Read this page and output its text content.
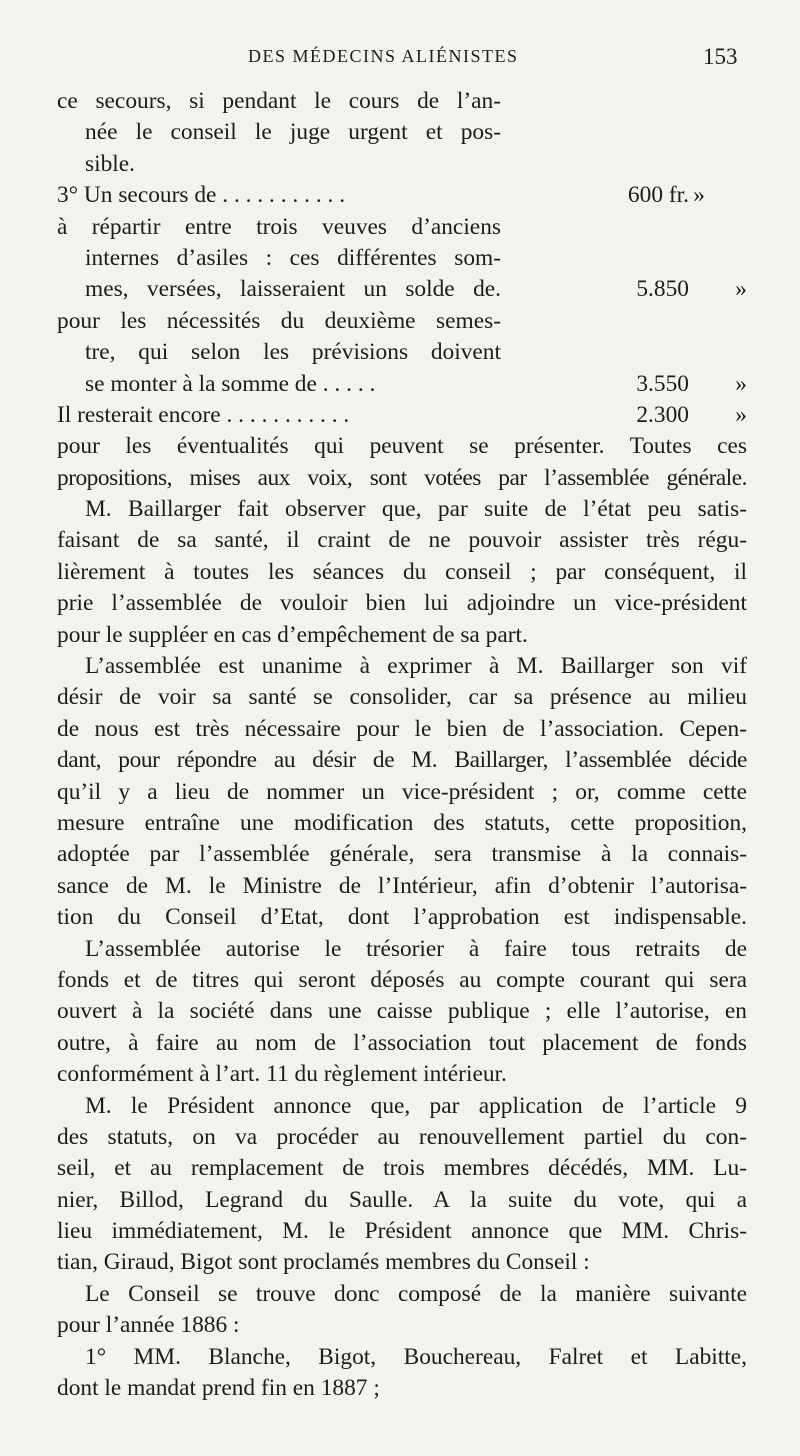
DES MÉDECINS ALIÉNISTES	153
ce secours, si pendant le cours de l’an-
née le conseil le juge urgent et pos-
sible.
3° Un secours de . . . . . . . . . . .	600 fr. »
à répartir entre trois veuves d’anciens
internes d’asiles : ces différentes som-
mes, versées, laisseraient un solde de.	5.850 »
pour les nécessités du deuxième semes-
tre, qui selon les prévisions doivent
se monter à la somme de . . . . .	3.550 »
Il resterait encore . . . . . . . . . . .	2.300 »
pour les éventualités qui peuvent se présenter. Toutes ces
propositions, mises aux voix, sont votées par l’assemblée générale.
M. Baillarger fait observer que, par suite de l’état peu satis-
faisant de sa santé, il craint de ne pouvoir assister très régu-
lièrement à toutes les séances du conseil ; par conséquent, il
prie l’assemblée de vouloir bien lui adjoindre un vice-président
pour le suppléer en cas d’empêchement de sa part.
L’assemblée est unanime à exprimer à M. Baillarger son vif
désir de voir sa santé se consolider, car sa présence au milieu
de nous est très nécessaire pour le bien de l’association. Cepen-
dant, pour répondre au désir de M. Baillarger, l’assemblée décide
qu’il y a lieu de nommer un vice-président ; or, comme cette
mesure entraîne une modification des statuts, cette proposition,
adoptée par l’assemblée générale, sera transmise à la connais-
sance de M. le Ministre de l’Intérieur, afin d’obtenir l’autorisa-
tion du Conseil d’Etat, dont l’approbation est indispensable.
L’assemblée autorise le trésorier à faire tous retraits de
fonds et de titres qui seront déposés au compte courant qui sera
ouvert à la société dans une caisse publique ; elle l’autorise, en
outre, à faire au nom de l’association tout placement de fonds
conformément à l’art. 11 du règlement intérieur.
M. le Président annonce que, par application de l’article 9
des statuts, on va procéder au renouvellement partiel du con-
seil, et au remplacement de trois membres décédés, MM. Lu-
nier, Billod, Legrand du Saulle. A la suite du vote, qui a
lieu immédiatement, M. le Président annonce que MM. Chris-
tian, Giraud, Bigot sont proclamés membres du Conseil :
Le Conseil se trouve donc composé de la manière suivante
pour l’année 1886 :
1° MM. Blanche, Bigot, Bouchereau, Falret et Labitte,
dont le mandat prend fin en 1887 ;
